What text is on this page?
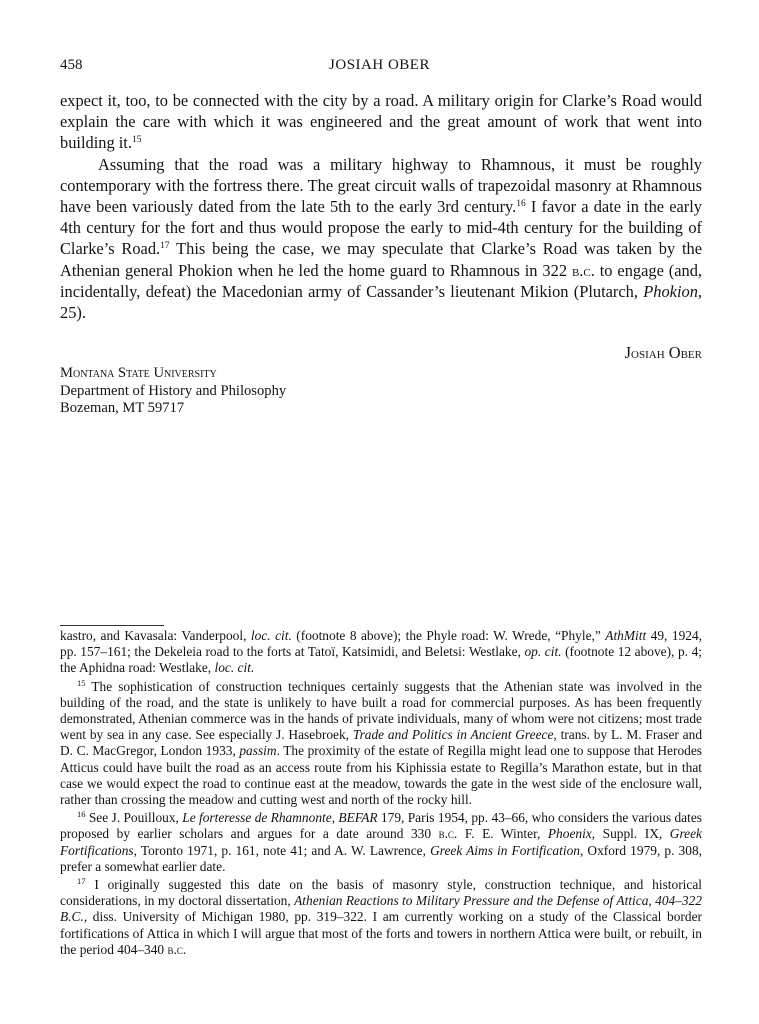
458	JOSIAH OBER

expect it, too, to be connected with the city by a road. A military origin for Clarke’s Road would explain the care with which it was engineered and the great amount of work that went into building it.$^{15}$

Assuming that the road was a military highway to Rhamnous, it must be roughly contemporary with the fortress there. The great circuit walls of trapezoidal masonry at Rhamnous have been variously dated from the late 5th to the early 3rd century.$^{16}$ I favor a date in the early 4th century for the fort and thus would propose the early to mid-4th century for the building of Clarke’s Road.$^{17}$ This being the case, we may speculate that Clarke’s Road was taken by the Athenian general Phokion when he led the home guard to Rhamnous in 322 b.c. to engage (and, incidentally, defeat) the Macedonian army of Cassander’s lieutenant Mikion (Plutarch, Phokion, 25).

Josiah Ober
Montana State University
Department of History and Philosophy
Bozeman, MT 59717

kastro, and Kavasala: Vanderpool, loc. cit. (footnote 8 above); the Phyle road: W. Wrede, “Phyle,” AthMitt 49, 1924, pp. 157–161; the Dekeleia road to the forts at Tatoï, Katsimidi, and Beletsi: Westlake, op. cit. (footnote 12 above), p. 4; the Aphidna road: Westlake, loc. cit.

$^{15}$ The sophistication of construction techniques certainly suggests that the Athenian state was involved in the building of the road, and the state is unlikely to have built a road for commercial purposes. As has been frequently demonstrated, Athenian commerce was in the hands of private individuals, many of whom were not citizens; most trade went by sea in any case. See especially J. Hasebroek, Trade and Politics in Ancient Greece, trans. by L. M. Fraser and D. C. MacGregor, London 1933, passim. The proximity of the estate of Regilla might lead one to suppose that Herodes Atticus could have built the road as an access route from his Kiphissia estate to Regilla’s Marathon estate, but in that case we would expect the road to continue east at the meadow, towards the gate in the west side of the enclosure wall, rather than crossing the meadow and cutting west and north of the rocky hill.

$^{16}$ See J. Pouilloux, Le forteresse de Rhamnonte, BEFAR 179, Paris 1954, pp. 43–66, who considers the various dates proposed by earlier scholars and argues for a date around 330 b.c. F. E. Winter, Phoenix, Suppl. IX, Greek Fortifications, Toronto 1971, p. 161, note 41; and A. W. Lawrence, Greek Aims in Fortification, Oxford 1979, p. 308, prefer a somewhat earlier date.

$^{17}$ I originally suggested this date on the basis of masonry style, construction technique, and historical considerations, in my doctoral dissertation, Athenian Reactions to Military Pressure and the Defense of Attica, 404–322 B.C., diss. University of Michigan 1980, pp. 319–322. I am currently working on a study of the Classical border fortifications of Attica in which I will argue that most of the forts and towers in northern Attica were built, or rebuilt, in the period 404–340 b.c.
